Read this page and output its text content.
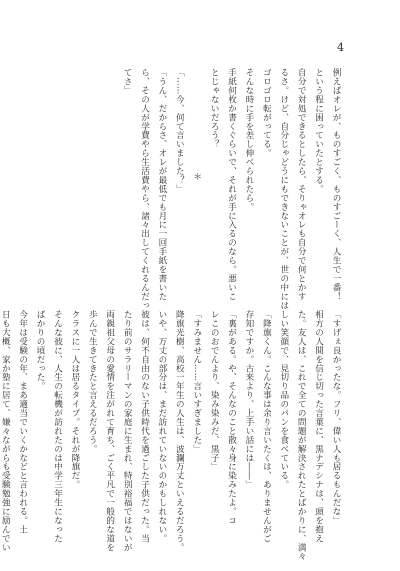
4
例えばオレが、ものすごく、ものすごーく、人生で一番！
という程に困っていたとする。
自分で対処できるとしたら、そりゃオレも自分で何とかす
るさ。けど、自分じゃどうにもできないことが、世の中には
ゴロゴロ転がってる。
そんな時に手を差し伸べられたら。
手紙何枚か書くぐらいで、それが手に入るのなら。悪いこ
とじゃないだろう？
＊
「……今、何て言いました？」
「うん、だからさ、オレが最低でも月に一回手紙を書いた
ら、その人が学費やら生活費やら、諸々出してくれるんだっ
てさ」
「すげぇ良かったな。フリ、偉い人も居るもんだな」
相方の人間を信じ切った言葉に、黒ナデシナは、頭を抱え
た。友人は、これで全ての問題が解決されたとばかりに、満々
しい笑顔で、見切り品のパンを食べている。
「降旗くん。こんな事は余り言いたくは、ありませんがご
存知ですか。古来より、上手い話には――」
「裏がある。や、そんなのこと散々身に染みたよ。コ
レこのおでんより、染み染みだ、黒子」
「すみません……言いすぎました」
降旗光樹、高校一年生の人生は、波瀾万丈といえるだろう。
いや、万丈の部分は、まだ訪れていないのかもしれない。
彼は、何不自由のない子供時代を過ごした子供だった。当
たり前のサラリーマンの家庭に生まれ、特別裕福ではないが
両親祖父母の愛情を注がれて育ち、ごく平凡で一般的な道を
歩んで生きてきたと言えるだろう。
クラスに一人は居るタイプ。それが降旗だ。
そんな彼に、人生の転機が訪れたのは中学三年生になった
ばかりの頃だった。
今年は受験の年、まあ適当でいくかなどと言われる。土
日も大概、家か塾に居て、嫌々ながらも受験勉強に励んでい
